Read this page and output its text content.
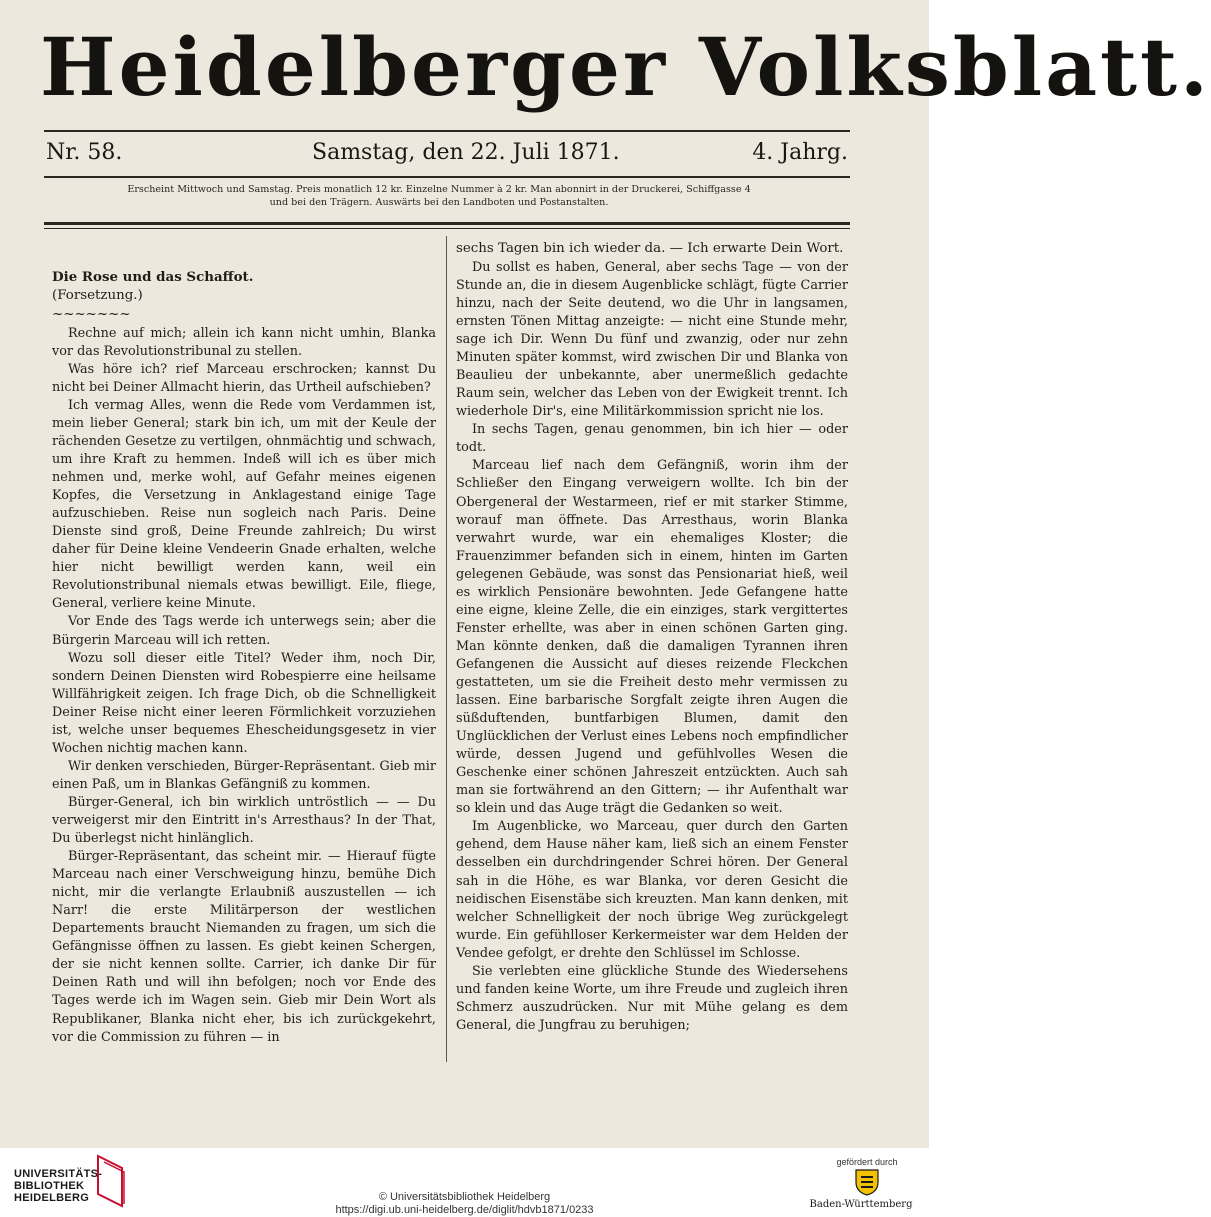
Heidelberger Volksblatt.
Nr. 58.	Samstag, den 22. Juli 1871.	4. Jahrg.
Erscheint Mittwoch und Samstag. Preis monatlich 12 kr. Einzelne Nummer à 2 kr. Man abonnirt in der Druckerei, Schiffgasse 4
und bei den Trägern. Auswärts bei den Landboten und Postanstalten.

Die Rose und das Schaffot.

(Forsetzung.)

~~~~~~~

Rechne auf mich; allein ich kann nicht umhin, Blanka vor das Revolutionstribunal zu stellen.

Was höre ich? rief Marceau erschrocken; kannst Du nicht bei Deiner Allmacht hierin, das Urtheil aufschieben?

Ich vermag Alles, wenn die Rede vom Verdammen ist, mein lieber General; stark bin ich, um mit der Keule der rächenden Gesetze zu vertilgen, ohnmächtig und schwach, um ihre Kraft zu hemmen. Indeß will ich es über mich nehmen und, merke wohl, auf Gefahr meines eigenen Kopfes, die Versetzung in Anklagestand einige Tage aufzuschieben. Reise nun sogleich nach Paris. Deine Dienste sind groß, Deine Freunde zahlreich; Du wirst daher für Deine kleine Vendeerin Gnade erhalten, welche hier nicht bewilligt werden kann, weil ein Revolutionstribunal niemals etwas bewilligt. Eile, fliege, General, verliere keine Minute.

Vor Ende des Tags werde ich unterwegs sein; aber die Bürgerin Marceau will ich retten.

Wozu soll dieser eitle Titel? Weder ihm, noch Dir, sondern Deinen Diensten wird Robespierre eine heilsame Willfährigkeit zeigen. Ich frage Dich, ob die Schnelligkeit Deiner Reise nicht einer leeren Förmlichkeit vorzuziehen ist, welche unser bequemes Ehescheidungsgesetz in vier Wochen nichtig machen kann.

Wir denken verschieden, Bürger-Repräsentant. Gieb mir einen Paß, um in Blankas Gefängniß zu kommen.

Bürger-General, ich bin wirklich untröstlich — — Du verweigerst mir den Eintritt in's Arresthaus? In der That, Du überlegst nicht hinlänglich.

Bürger-Repräsentant, das scheint mir. — Hierauf fügte Marceau nach einer Verschweigung hinzu, bemühe Dich nicht, mir die verlangte Erlaubniß auszustellen — ich Narr! die erste Militärperson der westlichen Departements braucht Niemanden zu fragen, um sich die Gefängnisse öffnen zu lassen. Es giebt keinen Schergen, der sie nicht kennen sollte. Carrier, ich danke Dir für Deinen Rath und will ihn befolgen; noch vor Ende des Tages werde ich im Wagen sein. Gieb mir Dein Wort als Republikaner, Blanka nicht eher, bis ich zurückgekehrt, vor die Commission zu führen — in

sechs Tagen bin ich wieder da. — Ich erwarte Dein Wort.

Du sollst es haben, General, aber sechs Tage — von der Stunde an, die in diesem Augenblicke schlägt, fügte Carrier hinzu, nach der Seite deutend, wo die Uhr in langsamen, ernsten Tönen Mittag anzeigte: — nicht eine Stunde mehr, sage ich Dir. Wenn Du fünf und zwanzig, oder nur zehn Minuten später kommst, wird zwischen Dir und Blanka von Beaulieu der unbekannte, aber unermeßlich gedachte Raum sein, welcher das Leben von der Ewigkeit trennt. Ich wiederhole Dir's, eine Militärkommission spricht nie los.

In sechs Tagen, genau genommen, bin ich hier — oder todt.

Marceau lief nach dem Gefängniß, worin ihm der Schließer den Eingang verweigern wollte. Ich bin der Obergeneral der Westarmeen, rief er mit starker Stimme, worauf man öffnete. Das Arresthaus, worin Blanka verwahrt wurde, war ein ehemaliges Kloster; die Frauenzimmer befanden sich in einem, hinten im Garten gelegenen Gebäude, was sonst das Pensionariat hieß, weil es wirklich Pensionäre bewohnten. Jede Gefangene hatte eine eigne, kleine Zelle, die ein einziges, stark vergittertes Fenster erhellte, was aber in einen schönen Garten ging. Man könnte denken, daß die damaligen Tyrannen ihren Gefangenen die Aussicht auf dieses reizende Fleckchen gestatteten, um sie die Freiheit desto mehr vermissen zu lassen. Eine barbarische Sorgfalt zeigte ihren Augen die süßduftenden, buntfarbigen Blumen, damit den Unglücklichen der Verlust eines Lebens noch empfindlicher würde, dessen Jugend und gefühlvolles Wesen die Geschenke einer schönen Jahreszeit entzückten. Auch sah man sie fortwährend an den Gittern; — ihr Aufenthalt war so klein und das Auge trägt die Gedanken so weit.

Im Augenblicke, wo Marceau, quer durch den Garten gehend, dem Hause näher kam, ließ sich an einem Fenster desselben ein durchdringender Schrei hören. Der General sah in die Höhe, es war Blanka, vor deren Gesicht die neidischen Eisenstäbe sich kreuzten. Man kann denken, mit welcher Schnelligkeit der noch übrige Weg zurückgelegt wurde. Ein gefühlloser Kerkermeister war dem Helden der Vendee gefolgt, er drehte den Schlüssel im Schlosse.

Sie verlebten eine glückliche Stunde des Wiedersehens und fanden keine Worte, um ihre Freude und zugleich ihren Schmerz auszudrücken. Nur mit Mühe gelang es dem General, die Jungfrau zu beruhigen;

UNIVERSITÄTS-
BIBLIOTHEK
HEIDELBERG	© Universitätsbibliothek Heidelberg
https://digi.ub.uni-heidelberg.de/diglit/hdvb1871/0233
gefördert durch
Baden-Württemberg
